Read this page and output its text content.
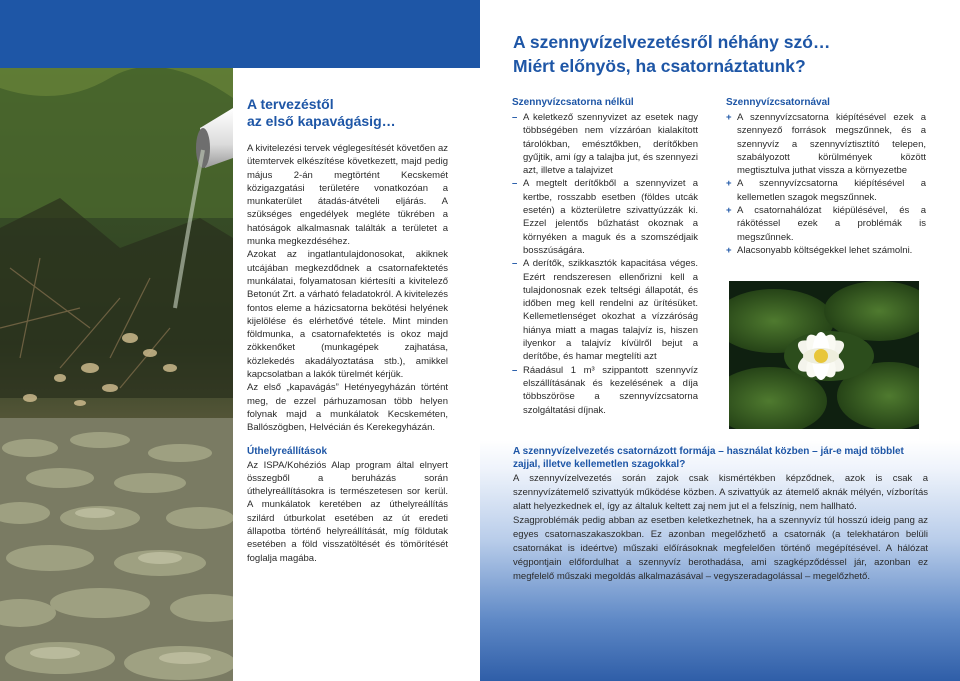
A tervezéstől
az első kapavágásig…

A kivitelezési tervek véglegesítését követően az ütemtervek elkészítése következett, majd pedig május 2-án megtörtént Kecskemét közigazgatási területére vonatkozóan a munkaterület átadás-átvételi eljárás. A szükséges engedélyek megléte tükrében a hatóságok alkalmasnak találták a területet a munka megkezdéséhez.

Azokat az ingatlantulajdonosokat, akiknek utcájában megkezdődnek a csatornafektetés munkálatai, folyamatosan kiértesíti a kivitelező Betonút Zrt. a várható feladatokról. A kivitelezés fontos eleme a házicsatorna bekötési helyének kijelölése és elérhetővé tétele. Mint minden földmunka, a csatornafektetés is okoz majd zökkenőket (munkagépek zajhatása, közlekedés akadályoztatása stb.), amikkel kapcsolatban a lakók türelmét kérjük.

Az első „kapavágás” Hetényegyházán történt meg, de ezzel párhuzamosan több helyen folynak majd a munkálatok Kecskeméten, Ballószögben, Helvécián és Kerekegyházán.

Úthelyreállítások

Az ISPA/Kohéziós Alap program által elnyert összegből a beruházás során úthelyreállításokra is természetesen sor kerül. A munkálatok keretében az úthelyreállítás szilárd útburkolat esetében az út eredeti állapotba történő helyreállítását, míg földutak esetében a föld visszatöltését és tömörítését foglalja magába.

A szennyvízelvezetésről néhány szó…
Miért előnyös, ha csatornáztatunk?
Szennyvízcsatorna nélkül
– A keletkező szennyvizet az esetek nagy többségében nem vízzáróan kialakított tárolókban, emésztőkben, derítőkben gyűjtik, ami így a talajba jut, és szennyezi azt, illetve a talajvizet
– A megtelt derítőkből a szennyvizet a kertbe, rosszabb esetben (földes utcák esetén) a közterületre szivattyúzzák ki. Ezzel jelentős bűzhatást okoznak a környéken a maguk és a szomszédjaik bosszúságára.
– A derítők, szikkasztók kapacitása véges. Ezért rendszeresen ellenőrizni kell a tulajdonosnak ezek teltségi állapotát, és időben meg kell rendelni az ürítésüket. Kellemetlenséget okozhat a vízzáróság hiánya miatt a magas talajvíz is, hiszen ilyenkor a talajvíz kívülről bejut a derítőbe, és hamar megtelíti azt
– Ráadásul 1 m³ szippantott szennyvíz elszállításának és kezelésének a díja többszöröse a szennyvízcsatorna szolgáltatási díjnak.
Szennyvízcsatornával
+ A szennyvízcsatorna kiépítésével ezek a szennyező források megszűnnek, és a szennyvíz a szennyvíztisztító telepen, szabályozott körülmények között megtisztulva juthat vissza a környezetbe
+ A szennyvízcsatorna kiépítésével a kellemetlen szagok megszűnnek.
+ A csatornahálózat kiépülésével, és a rákötéssel ezek a problémák is megszűnnek.
+ Alacsonyabb költségekkel lehet számolni.
A szennyvízelvezetés csatornázott formája – használat közben – jár-e majd többlet zajjal, illetve kellemetlen szagokkal?

A szennyvízelvezetés során zajok csak kismértékben képződnek, azok is csak a szennyvízátemelő szivattyúk működése közben. A szivattyúk az átemelő aknák mélyén, vízborítás alatt helyezkednek el, így az általuk keltett zaj nem jut el a felszínig, nem hallható.

Szagproblémák pedig abban az esetben keletkezhetnek, ha a szennyvíz túl hosszú ideig pang az egyes csatornaszakaszokban. Ez azonban megelőzhető a csatornák (a telekhatáron belüli csatornákat is ideértve) műszaki előírásoknak megfelelően történő megépítésével. A hálózat végpontjain előfordulhat a szennyvíz berothadása, ami szagképződéssel jár, azonban ez megfelelő műszaki megoldás alkalmazásával – vegyszeradagolással – megelőzhető.
